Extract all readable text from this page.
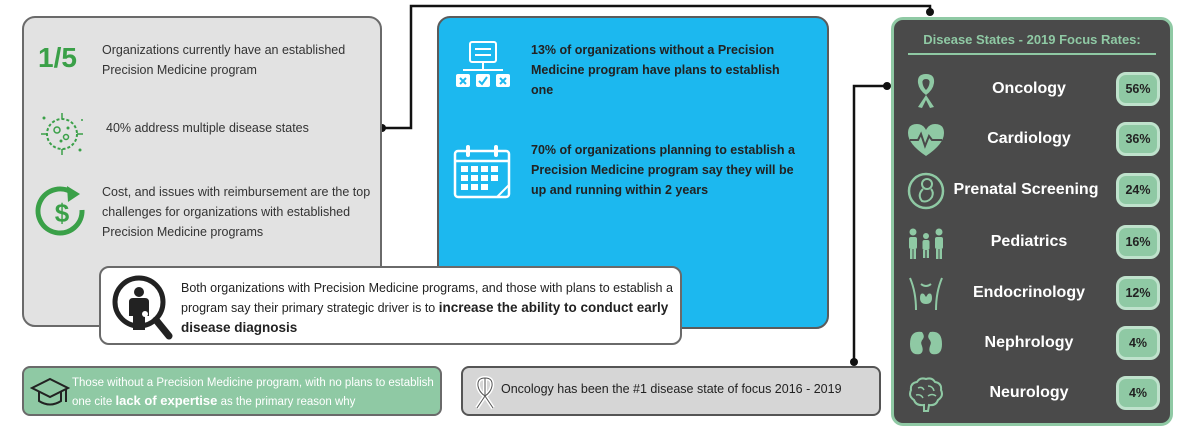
1/5 Organizations currently have an established Precision Medicine program
40% address multiple disease states
$
Cost, and issues with reimbursement are the top challenges for organizations with established Precision Medicine programs
13% of organizations without a Precision Medicine program have plans to establish one
70% of organizations planning to establish a Precision Medicine program say they will be up and running within 2 years
Both organizations with Precision Medicine programs, and those with plans to establish a program say their primary strategic driver is to increase the ability to conduct early disease diagnosis
Those without a Precision Medicine program, with no plans to establish one cite lack of expertise as the primary reason why
Oncology has been the #1 disease state of focus 2016 - 2019
Disease States - 2019 Focus Rates:
Oncology	56%
Cardiology	36%
Prenatal Screening	24%
Pediatrics	16%
Endocrinology	12%
Nephrology	4%
Neurology	4%
